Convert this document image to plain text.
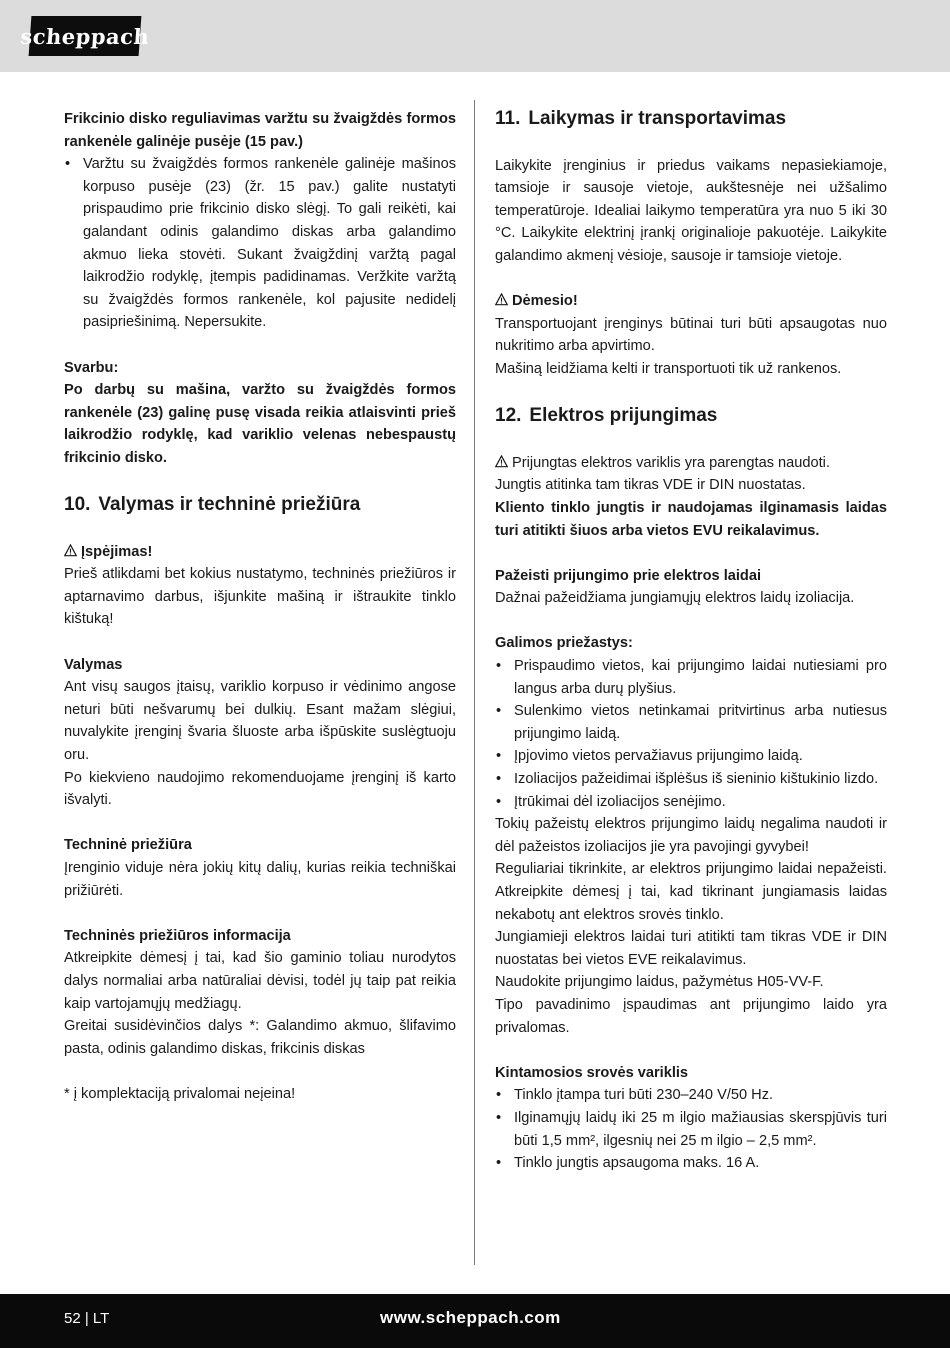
scheppach

Frikcinio disko reguliavimas varžtu su žvaigždės formos rankenėle galinėje pusėje (15 pav.)

• Varžtu su žvaigždės formos rankenėle galinėje mašinos korpuso pusėje (23) (žr. 15 pav.) galite nustatyti prispaudimo prie frikcinio disko slėgį. To gali reikėti, kai galandant odinis galandimo diskas arba galandimo akmuo lieka stovėti. Sukant žvaigždinį varžtą pagal laikrodžio rodyklę, įtempis padidinamas. Veržkite varžtą su žvaigždės formos rankenėle, kol pajusite nedidelį pasipriešinimą. Nepersukite.

Svarbu:

Po darbų su mašina, varžto su žvaigždės formos rankenėle (23) galinę pusę visada reikia atlaisvinti prieš laikrodžio rodyklę, kad variklio velenas nebespaustų frikcinio disko.

10. Valymas ir techninė priežiūra

Įspėjimas!

Prieš atlikdami bet kokius nustatymo, techninės priežiūros ir aptarnavimo darbus, išjunkite mašiną ir ištraukite tinklo kištuką!

Valymas

Ant visų saugos įtaisų, variklio korpuso ir vėdinimo angose neturi būti nešvarumų bei dulkių. Esant mažam slėgiui, nuvalykite įrenginį švaria šluoste arba išpūskite suslėgtuoju oru.

Po kiekvieno naudojimo rekomenduojame įrenginį iš karto išvalyti.

Techninė priežiūra

Įrenginio viduje nėra jokių kitų dalių, kurias reikia techniškai prižiūrėti.

Techninės priežiūros informacija

Atkreipkite dėmesį į tai, kad šio gaminio toliau nurodytos dalys normaliai arba natūraliai dėvisi, todėl jų taip pat reikia kaip vartojamųjų medžiagų.

Greitai susidėvinčios dalys *: Galandimo akmuo, šlifavimo pasta, odinis galandimo diskas, frikcinis diskas

* į komplektaciją privalomai neįeina!

11. Laikymas ir transportavimas

Laikykite įrenginius ir priedus vaikams nepasiekiamoje, tamsioje ir sausoje vietoje, aukštesnėje nei užšalimo temperatūroje. Idealiai laikymo temperatūra yra nuo 5 iki 30 °C. Laikykite elektrinį įrankį originalioje pakuotėje. Laikykite galandimo akmenį vėsioje, sausoje ir tamsioje vietoje.

Dėmesio!

Transportuojant įrenginys būtinai turi būti apsaugotas nuo nukritimo arba apvirtimo.

Mašiną leidžiama kelti ir transportuoti tik už rankenos.

12. Elektros prijungimas

Prijungtas elektros variklis yra parengtas naudoti.

Jungtis atitinka tam tikras VDE ir DIN nuostatas.

Kliento tinklo jungtis ir naudojamas ilginamasis laidas turi atitikti šiuos arba vietos EVU reikalavimus.

Pažeisti prijungimo prie elektros laidai

Dažnai pažeidžiama jungiamųjų elektros laidų izoliacija.

Galimos priežastys:

• Prispaudimo vietos, kai prijungimo laidai nutiesiami pro langus arba durų plyšius.
• Sulenkimo vietos netinkamai pritvirtinus arba nutiesus prijungimo laidą.
• Įpjovimo vietos pervažiavus prijungimo laidą.
• Izoliacijos pažeidimai išplėšus iš sieninio kištukinio lizdo.
• Įtrūkimai dėl izoliacijos senėjimo.

Tokių pažeistų elektros prijungimo laidų negalima naudoti ir dėl pažeistos izoliacijos jie yra pavojingi gyvybei!

Reguliariai tikrinkite, ar elektros prijungimo laidai nepažeisti. Atkreipkite dėmesį į tai, kad tikrinant jungiamasis laidas nekabotų ant elektros srovės tinklo.

Jungiamieji elektros laidai turi atitikti tam tikras VDE ir DIN nuostatas bei vietos EVE reikalavimus.

Naudokite prijungimo laidus, pažymėtus H05-VV-F.

Tipo pavadinimo įspaudimas ant prijungimo laido yra privalomas.

Kintamosios srovės variklis

• Tinklo įtampa turi būti 230–240 V/50 Hz.
• Ilginamųjų laidų iki 25 m ilgio mažiausias skerspjūvis turi būti 1,5 mm², ilgesnių nei 25 m ilgio – 2,5 mm².
• Tinklo jungtis apsaugoma maks. 16 A.
52 | LT	www.scheppach.com
